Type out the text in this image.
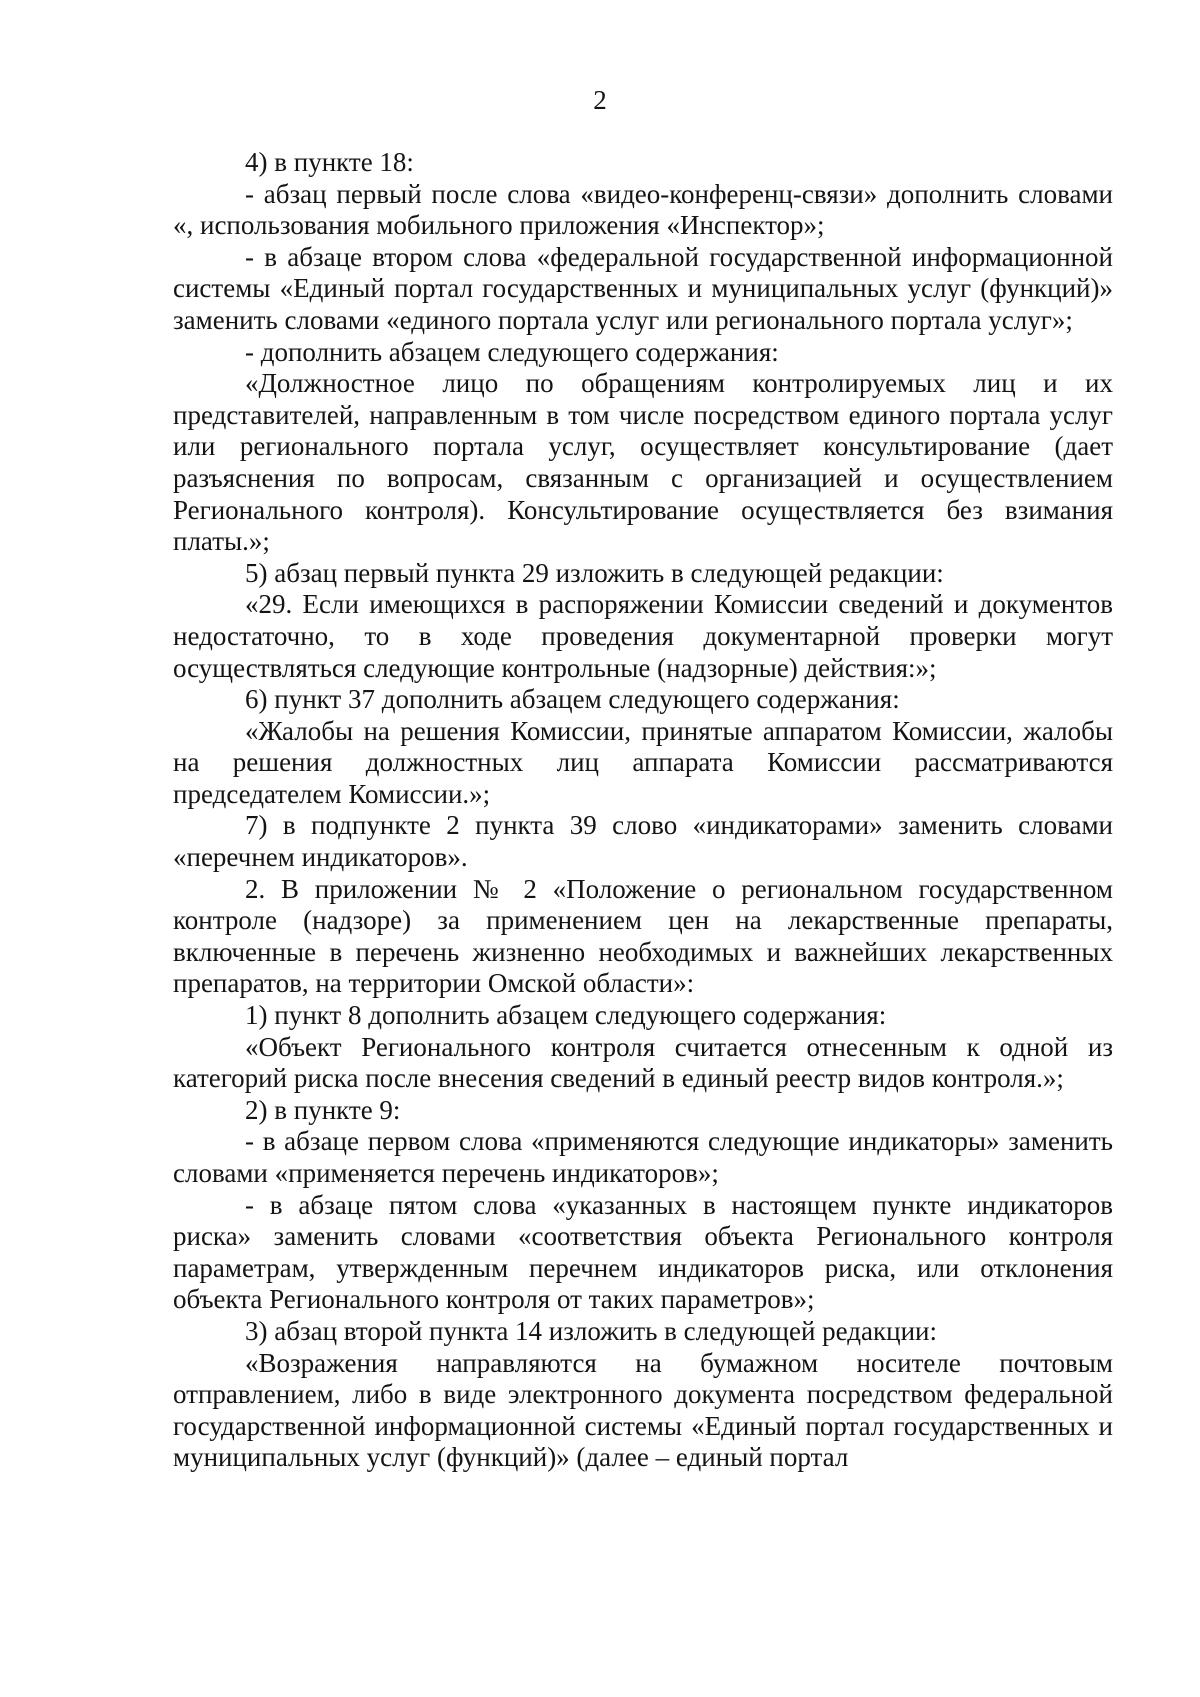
2

4) в пункте 18:

- абзац первый после слова «видео-конференц-связи» дополнить словами «, использования мобильного приложения «Инспектор»;

- в абзаце втором слова «федеральной государственной информационной системы «Единый портал государственных и муниципальных услуг (функций)» заменить словами «единого портала услуг или регионального портала услуг»;

- дополнить абзацем следующего содержания:

«Должностное лицо по обращениям контролируемых лиц и их представителей, направленным в том числе посредством единого портала услуг или регионального портала услуг, осуществляет консультирование (дает разъяснения по вопросам, связанным с организацией и осуществлением Регионального контроля). Консультирование осуществляется без взимания платы.»;

5) абзац первый пункта 29 изложить в следующей редакции:

«29. Если имеющихся в распоряжении Комиссии сведений и документов недостаточно, то в ходе проведения документарной проверки могут осуществляться следующие контрольные (надзорные) действия:»;

6) пункт 37 дополнить абзацем следующего содержания:

«Жалобы на решения Комиссии, принятые аппаратом Комиссии, жалобы на решения должностных лиц аппарата Комиссии рассматриваются председателем Комиссии.»;

7) в подпункте 2 пункта 39 слово «индикаторами» заменить словами «перечнем индикаторов».

2. В приложении № 2 «Положение о региональном государственном контроле (надзоре) за применением цен на лекарственные препараты, включенные в перечень жизненно необходимых и важнейших лекарственных препаратов, на территории Омской области»:

1) пункт 8 дополнить абзацем следующего содержания:

«Объект Регионального контроля считается отнесенным к одной из категорий риска после внесения сведений в единый реестр видов контроля.»;

2) в пункте 9:

- в абзаце первом слова «применяются следующие индикаторы» заменить словами «применяется перечень индикаторов»;

- в абзаце пятом слова «указанных в настоящем пункте индикаторов риска» заменить словами «соответствия объекта Регионального контроля параметрам, утвержденным перечнем индикаторов риска, или отклонения объекта Регионального контроля от таких параметров»;

3) абзац второй пункта 14 изложить в следующей редакции:

«Возражения направляются на бумажном носителе почтовым отправлением, либо в виде электронного документа посредством федеральной государственной информационной системы «Единый портал государственных и муниципальных услуг (функций)» (далее – единый портал
